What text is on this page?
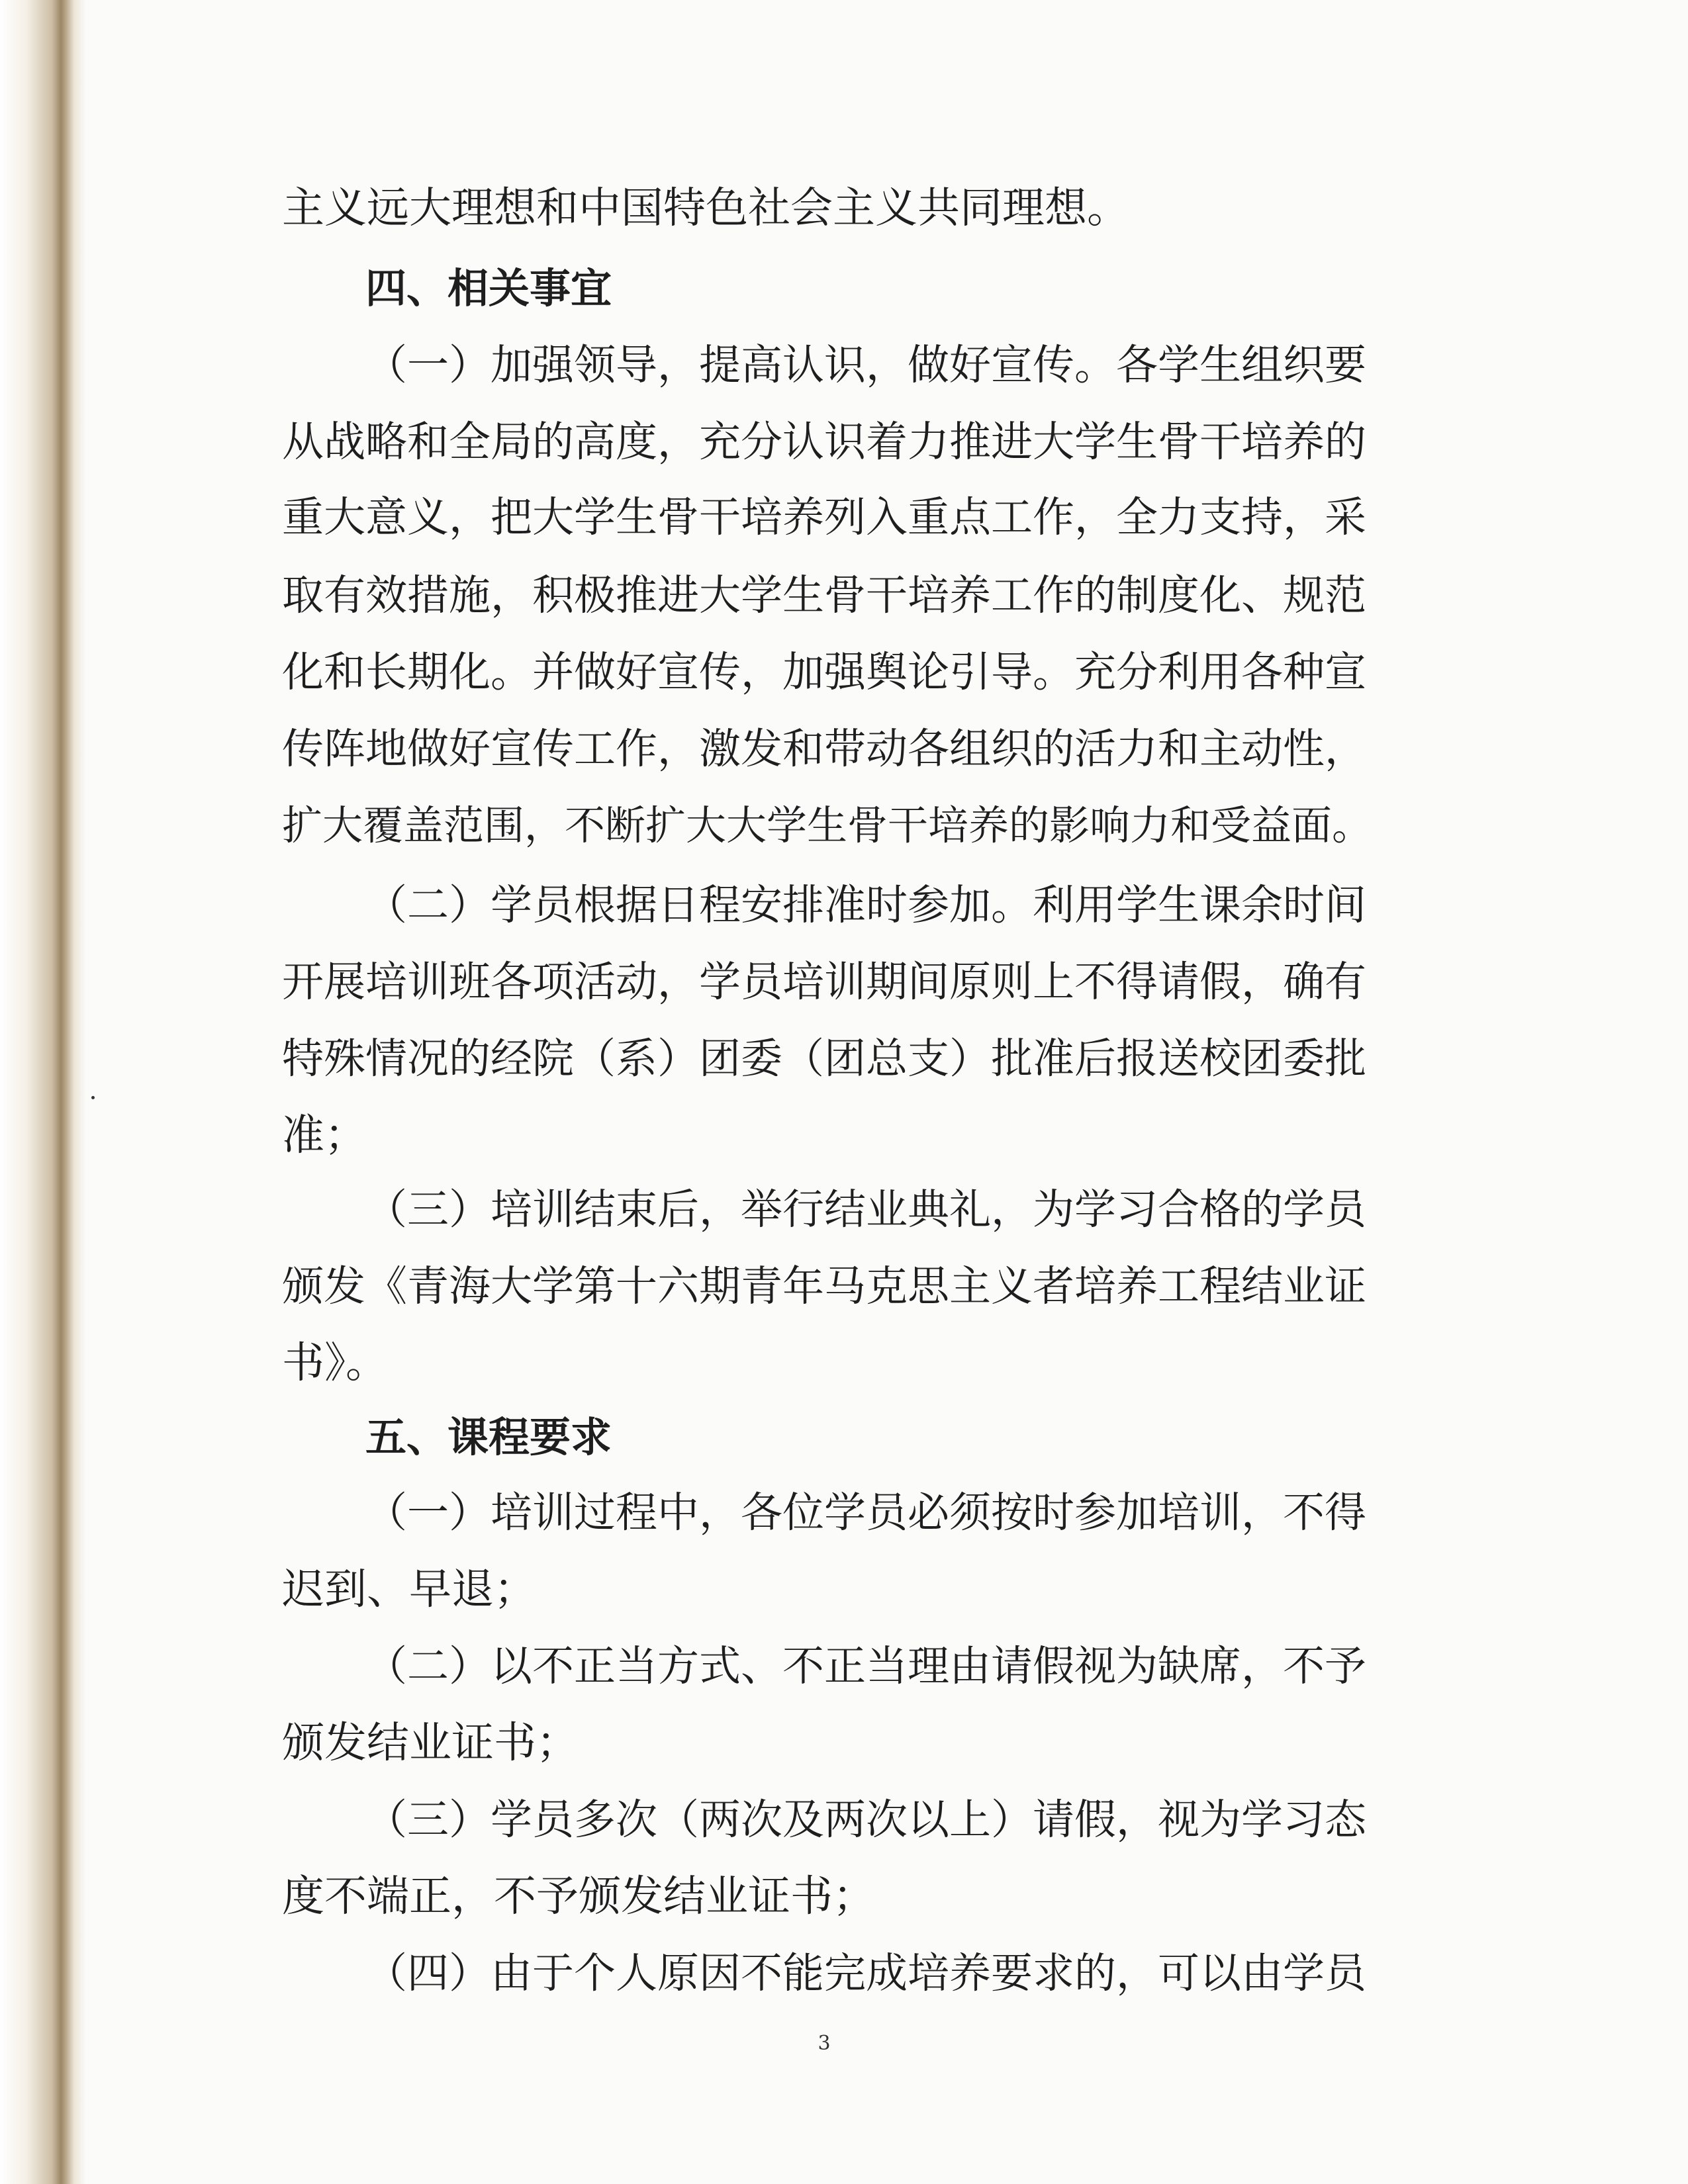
主义远大理想和中国特色社会主义共同理想。
四、相关事宜
（一）加强领导，提高认识，做好宣传。各学生组织要
从战略和全局的高度，充分认识着力推进大学生骨干培养的
重大意义，把大学生骨干培养列入重点工作，全力支持，采
取有效措施，积极推进大学生骨干培养工作的制度化、规范
化和长期化。并做好宣传，加强舆论引导。充分利用各种宣
传阵地做好宣传工作，激发和带动各组织的活力和主动性，
扩大覆盖范围，不断扩大大学生骨干培养的影响力和受益面。
（二）学员根据日程安排准时参加。利用学生课余时间
开展培训班各项活动，学员培训期间原则上不得请假，确有
特殊情况的经院（系）团委（团总支）批准后报送校团委批
准；
（三）培训结束后，举行结业典礼，为学习合格的学员
颁发《青海大学第十六期青年马克思主义者培养工程结业证
书》。
五、课程要求
（一）培训过程中，各位学员必须按时参加培训，不得
迟到、早退；
（二）以不正当方式、不正当理由请假视为缺席，不予
颁发结业证书；
（三）学员多次（两次及两次以上）请假，视为学习态
度不端正，不予颁发结业证书；
（四）由于个人原因不能完成培养要求的，可以由学员
3
